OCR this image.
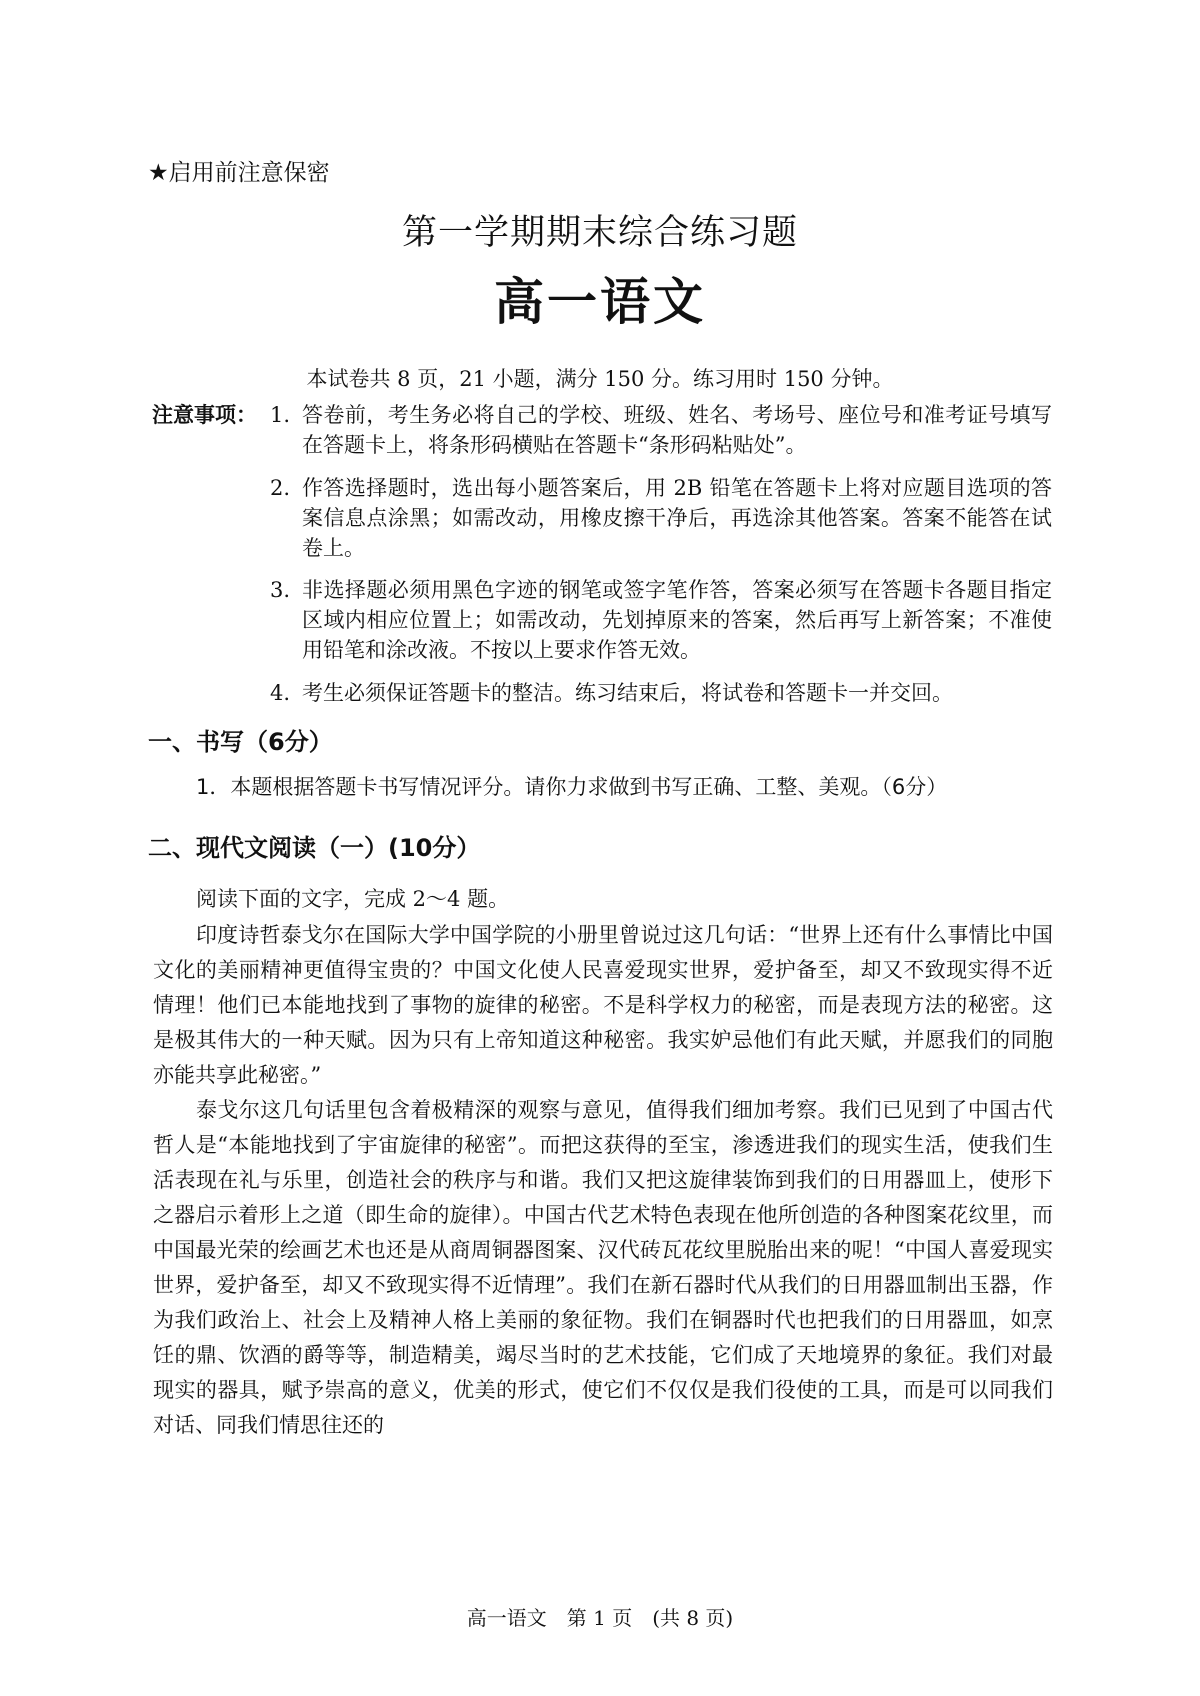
★启用前注意保密
第一学期期末综合练习题
高一语文
本试卷共 8 页，21 小题，满分 150 分。练习用时 150 分钟。
注意事项： 1. 答卷前，考生务必将自己的学校、班级、姓名、考场号、座位号和准考证号填写在答题卡上，将条形码横贴在答题卡“条形码粘贴处”。
2. 作答选择题时，选出每小题答案后，用 2B 铅笔在答题卡上将对应题目选项的答案信息点涂黑；如需改动，用橡皮擦干净后，再选涂其他答案。答案不能答在试卷上。
3. 非选择题必须用黑色字迹的钢笔或签字笔作答，答案必须写在答题卡各题目指定区域内相应位置上；如需改动，先划掉原来的答案，然后再写上新答案；不准使用铅笔和涂改液。不按以上要求作答无效。
4. 考生必须保证答题卡的整洁。练习结束后，将试卷和答题卡一并交回。
一、书写（6分）
1．本题根据答题卡书写情况评分。请你力求做到书写正确、工整、美观。（6分）
二、现代文阅读（一）(10分）
阅读下面的文字，完成 2～4 题。

印度诗哲泰戈尔在国际大学中国学院的小册里曾说过这几句话：“世界上还有什么事情比中国文化的美丽精神更值得宝贵的？中国文化使人民喜爱现实世界，爱护备至，却又不致现实得不近情理！他们已本能地找到了事物的旋律的秘密。不是科学权力的秘密，而是表现方法的秘密。这是极其伟大的一种天赋。因为只有上帝知道这种秘密。我实妒忌他们有此天赋，并愿我们的同胞亦能共享此秘密。”

泰戈尔这几句话里包含着极精深的观察与意见，值得我们细加考察。我们已见到了中国古代哲人是“本能地找到了宇宙旋律的秘密”。而把这获得的至宝，渗透进我们的现实生活，使我们生活表现在礼与乐里，创造社会的秩序与和谐。我们又把这旋律装饰到我们的日用器皿上，使形下之器启示着形上之道（即生命的旋律）。中国古代艺术特色表现在他所创造的各种图案花纹里，而中国最光荣的绘画艺术也还是从商周铜器图案、汉代砖瓦花纹里脱胎出来的呢！“中国人喜爱现实世界，爱护备至，却又不致现实得不近情理”。我们在新石器时代从我们的日用器皿制出玉器，作为我们政治上、社会上及精神人格上美丽的象征物。我们在铜器时代也把我们的日用器皿，如烹饪的鼎、饮酒的爵等等，制造精美，竭尽当时的艺术技能，它们成了天地境界的象征。我们对最现实的器具，赋予崇高的意义，优美的形式，使它们不仅仅是我们役使的工具，而是可以同我们对话、同我们情思往还的

高一语文　第 1 页　(共 8 页)
